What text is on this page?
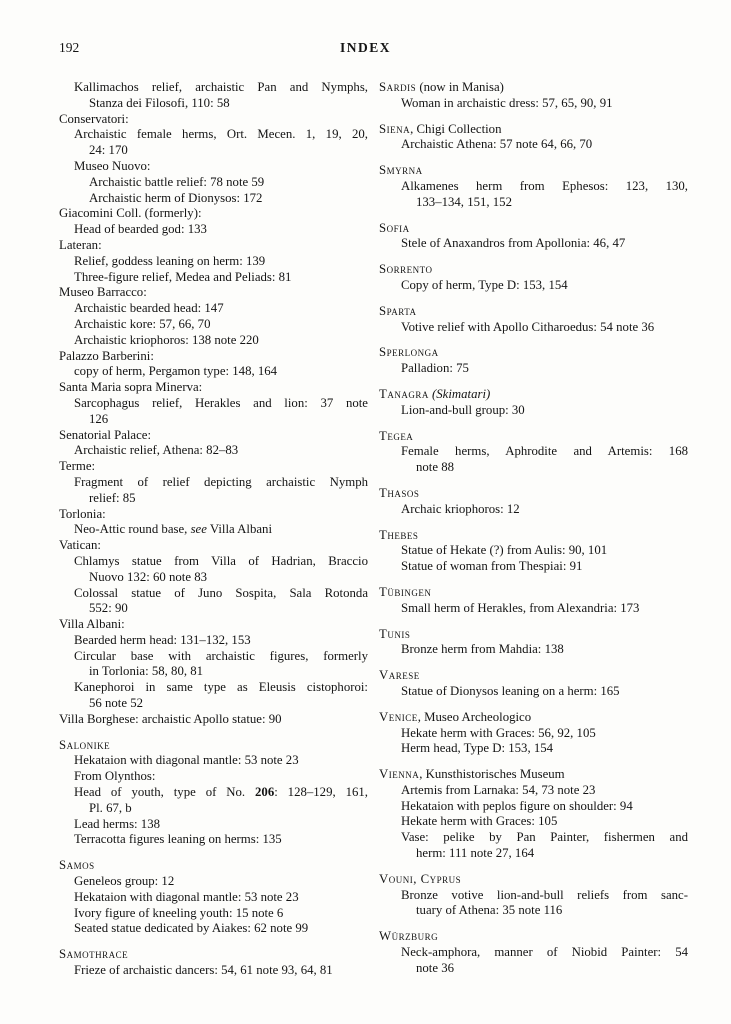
192	INDEX
Kallimachos relief, archaistic Pan and Nymphs,
Stanza dei Filosofi, 110: 58
Conservatori:
Archaistic female herms, Ort. Mecen. 1, 19, 20,
24: 170
Museo Nuovo:
Archaistic battle relief: 78 note 59
Archaistic herm of Dionysos: 172
Giacomini Coll. (formerly):
Head of bearded god: 133
Lateran:
Relief, goddess leaning on herm: 139
Three-figure relief, Medea and Peliads: 81
Museo Barracco:
Archaistic bearded head: 147
Archaistic kore: 57, 66, 70
Archaistic kriophoros: 138 note 220
Palazzo Barberini:
copy of herm, Pergamon type: 148, 164
Santa Maria sopra Minerva:
Sarcophagus relief, Herakles and lion: 37 note
126
Senatorial Palace:
Archaistic relief, Athena: 82–83
Terme:
Fragment of relief depicting archaistic Nymph
relief: 85
Torlonia:
Neo-Attic round base, see Villa Albani
Vatican:
Chlamys statue from Villa of Hadrian, Braccio
Nuovo 132: 60 note 83
Colossal statue of Juno Sospita, Sala Rotonda
552: 90
Villa Albani:
Bearded herm head: 131–132, 153
Circular base with archaistic figures, formerly
in Torlonia: 58, 80, 81
Kanephoroi in same type as Eleusis cistophoroi:
56 note 52
Villa Borghese: archaistic Apollo statue: 90
Salonike
Hekataion with diagonal mantle: 53 note 23
From Olynthos:
Head of youth, type of No. 206: 128–129, 161,
Pl. 67, b
Lead herms: 138
Terracotta figures leaning on herms: 135
Samos
Geneleos group: 12
Hekataion with diagonal mantle: 53 note 23
Ivory figure of kneeling youth: 15 note 6
Seated statue dedicated by Aiakes: 62 note 99
Samothrace
Frieze of archaistic dancers: 54, 61 note 93, 64, 81
Sardis (now in Manisa)
Woman in archaistic dress: 57, 65, 90, 91
Siena, Chigi Collection
Archaistic Athena: 57 note 64, 66, 70
Smyrna
Alkamenes herm from Ephesos: 123, 130,
133–134, 151, 152
Sofia
Stele of Anaxandros from Apollonia: 46, 47
Sorrento
Copy of herm, Type D: 153, 154
Sparta
Votive relief with Apollo Citharoedus: 54 note 36
Sperlonga
Palladion: 75
Tanagra (Skimatari)
Lion-and-bull group: 30
Tegea
Female herms, Aphrodite and Artemis: 168
note 88
Thasos
Archaic kriophoros: 12
Thebes
Statue of Hekate (?) from Aulis: 90, 101
Statue of woman from Thespiai: 91
Tübingen
Small herm of Herakles, from Alexandria: 173
Tunis
Bronze herm from Mahdia: 138
Varese
Statue of Dionysos leaning on a herm: 165
Venice, Museo Archeologico
Hekate herm with Graces: 56, 92, 105
Herm head, Type D: 153, 154
Vienna, Kunsthistorisches Museum
Artemis from Larnaka: 54, 73 note 23
Hekataion with peplos figure on shoulder: 94
Hekate herm with Graces: 105
Vase: pelike by Pan Painter, fishermen and
herm: 111 note 27, 164
Vouni, Cyprus
Bronze votive lion-and-bull reliefs from sanc-
tuary of Athena: 35 note 116
Würzburg
Neck-amphora, manner of Niobid Painter: 54
note 36
